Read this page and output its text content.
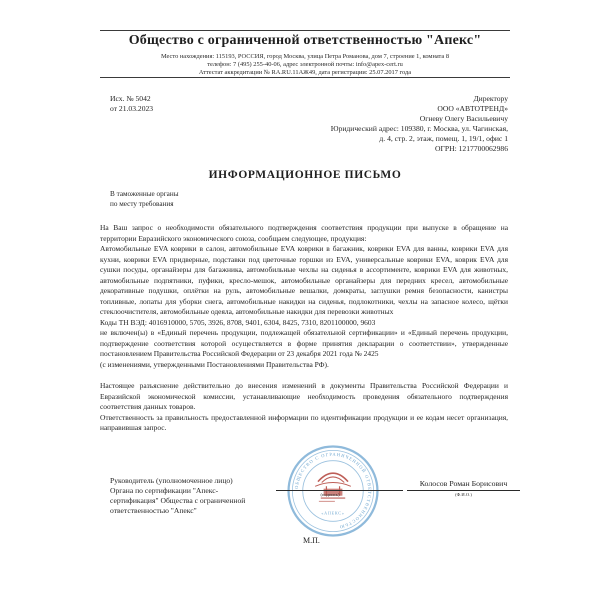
Общество с ограниченной ответственностью "Апекс"
Место нахождения: 115193, РОССИЯ, город Москва, улица Петра Романова, дом 7, строение 1, комната 8
телефон: 7 (495) 255-40-06, адрес электронной почты: info@apex-cert.ru
Аттестат аккредитации № RA.RU.11АЖ49, дата регистрации: 25.07.2017 года
Исх. № 5042
от 21.03.2023
Директору
ООО «АВТОТРЕНД»
Огневу Олегу Васильевичу
Юридический адрес: 109380, г. Москва, ул. Чагинская,
д. 4, стр. 2, этаж, помещ. 1, 19/1, офис 1
ОГРН: 1217700062986
ИНФОРМАЦИОННОЕ ПИСЬМО
В таможенные органы
по месту требования

На Ваш запрос о необходимости обязательного подтверждения соответствия продукции при выпуске в обращение на территории Евразийского экономического союза, сообщаем следующее, продукция:

Автомобильные EVA коврики в салон, автомобильные EVA коврики в багажник, коврики EVA для ванны, коврики EVA для кухни, коврики EVA придверные, подставки под цветочные горшки из EVA, универсальные коврики EVA, коврик EVA для сушки посуды, органайзеры для багажника, автомобильные чехлы на сиденья в ассортименте, коврики EVA для животных, автомобильные подпятники, пуфики, кресло-мешок, автомобильные органайзеры для передних кресел, автомобильные декоративные подушки, оплётки на руль, автомобильные вешалки, домкраты, заглушки ремня безопасности, канистры топливные, лопаты для уборки снега, автомобильные накидки на сиденья, подлокотники, чехлы на запасное колесо, щётки стеклоочистителя, автомобильные одеяла, автомобильные накидки для перевозки животных

Коды ТН ВЭД: 4016910000, 5705, 3926, 8708, 9401, 6304, 8425, 7310, 8201100000, 9603

не включен(ы) в «Единый перечень продукции, подлежащей обязательной сертификации» и «Единый перечень продукции, подтверждение соответствия которой осуществляется в форме принятия декларации о соответствии», утвержденные постановлением Правительства Российской Федерации от 23 декабря 2021 года № 2425

(с изменениями, утвержденными Постановлениями Правительства РФ).

Настоящее разъяснение действительно до внесения изменений в документы Правительства Российской Федерации и Евразийской экономической комиссии, устанавливающие необходимость проведения обязательного подтверждения соответствия данных товаров.

Ответственность за правильность предоставленной информации по идентификации продукции и ее кодам несет организация, направившая запрос.

Руководитель (уполномоченное лицо)
Органа по сертификации "Апекс-
сертификация" Общества с ограниченной
ответственностью "Апекс"
ОБЩЕСТВО С ОГРАНИЧЕННОЙ ОТВЕТСТВЕННОСТЬЮ
«АПЕКС»
(подпись)
Колосов Роман Борисович
(Ф.И.О.)
М.П.
